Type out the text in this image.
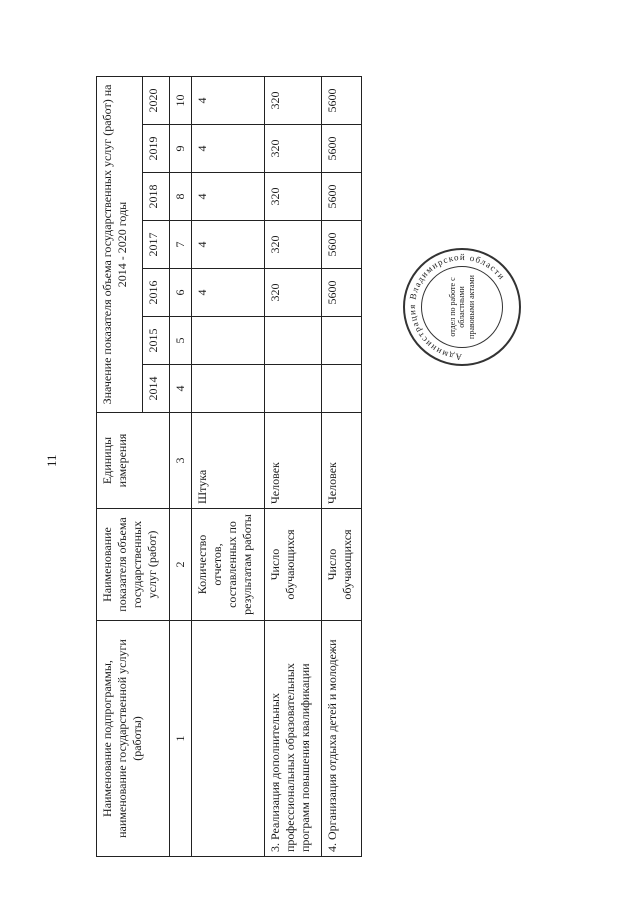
11
Наименование подпрограммы, наименование государственной услуги (работы)	Наименование показателя объема государственных услуг (работ)	Единицы измерения	Значение показателя объема государственных услуг (работ) на 2014 - 2020 годы						
			2014	2015	2016	2017	2018	2019	2020
1	2	3	4	5	6	7	8	9	10
	Количество отчетов, составленных по результатам работы	Штука			4	4	4	4	4
3. Реализация дополнительных профессиональных образовательных программ повышения квалификации	Число обучающихся	Человек			320	320	320	320	320
4. Организация отдыха детей и молодежи	Число обучающихся	Человек			5600	5600	5600	5600	5600
Администрация Владимирской области
отдел по работе с областными правовыми актами
